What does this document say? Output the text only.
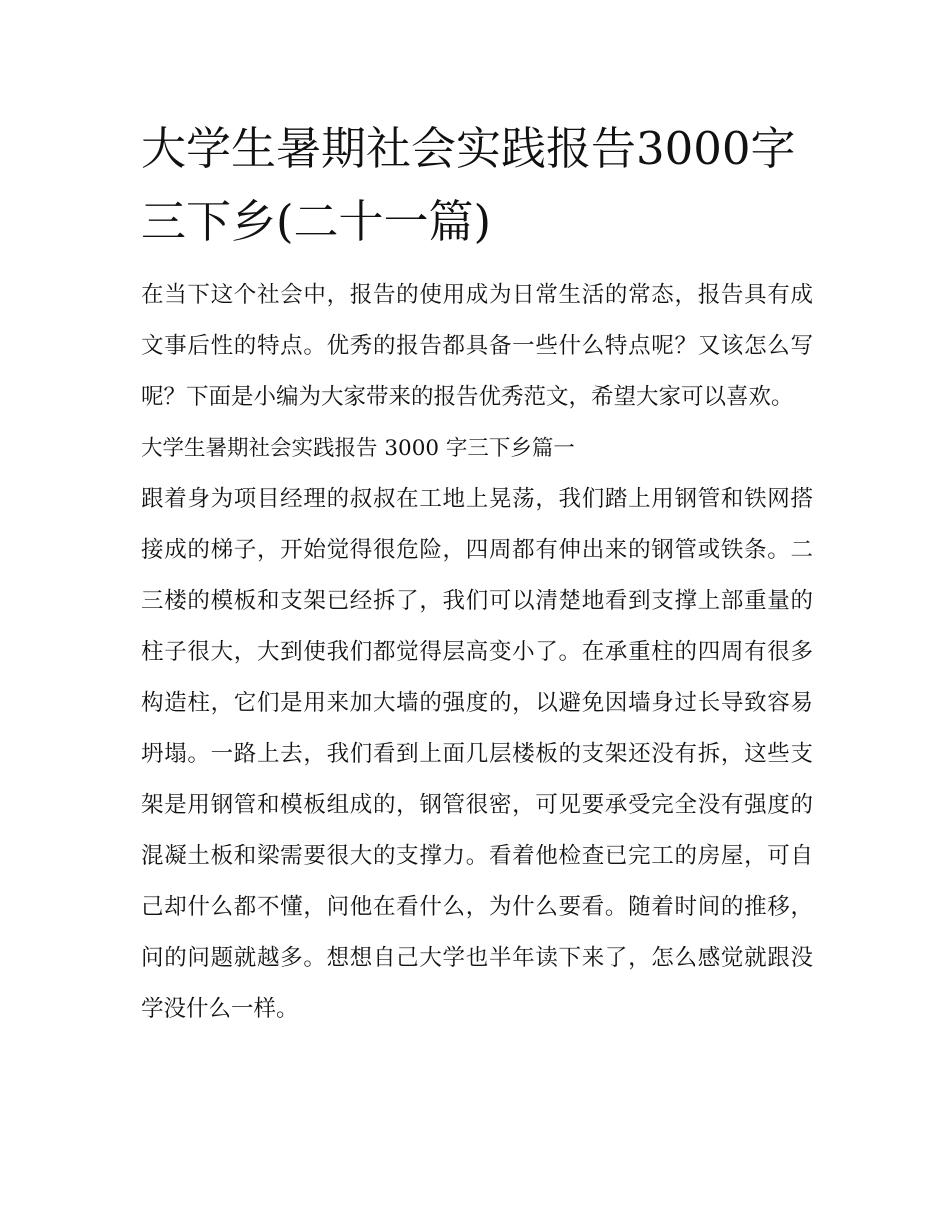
大学生暑期社会实践报告3000字三下乡(二十一篇)

在当下这个社会中，报告的使用成为日常生活的常态，报告具有成文事后性的特点。优秀的报告都具备一些什么特点呢？又该怎么写呢？下面是小编为大家带来的报告优秀范文，希望大家可以喜欢。

大学生暑期社会实践报告 3000 字三下乡篇一

跟着身为项目经理的叔叔在工地上晃荡，我们踏上用钢管和铁网搭接成的梯子，开始觉得很危险，四周都有伸出来的钢管或铁条。二三楼的模板和支架已经拆了，我们可以清楚地看到支撑上部重量的柱子很大，大到使我们都觉得层高变小了。在承重柱的四周有很多构造柱，它们是用来加大墙的强度的，以避免因墙身过长导致容易坍塌。一路上去，我们看到上面几层楼板的支架还没有拆，这些支架是用钢管和模板组成的，钢管很密，可见要承受完全没有强度的混凝土板和梁需要很大的支撑力。看着他检查已完工的房屋，可自己却什么都不懂，问他在看什么，为什么要看。随着时间的推移，问的问题就越多。想想自己大学也半年读下来了，怎么感觉就跟没学没什么一样。
